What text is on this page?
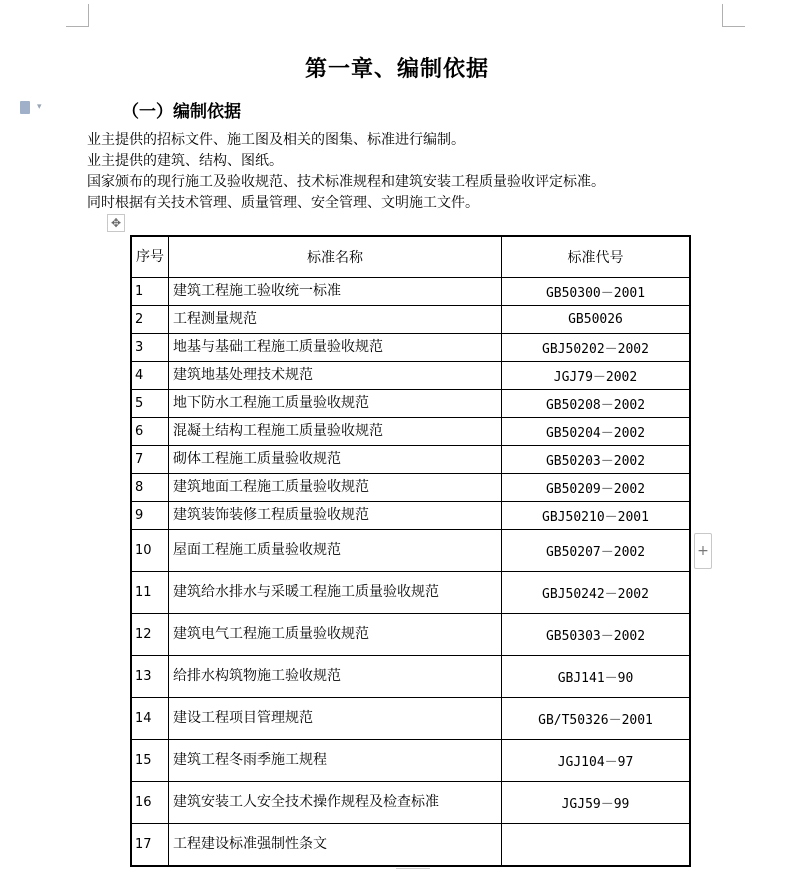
第一章、编制依据
▾	（一）编制依据
业主提供的招标文件、施工图及相关的图集、标准进行编制。
业主提供的建筑、结构、图纸。
国家颁布的现行施工及验收规范、技术标准规程和建筑安装工程质量验收评定标准。
同时根据有关技术管理、质量管理、安全管理、文明施工文件。
✥
序号	标准名称	标准代号
1	建筑工程施工验收统一标准	GB50300－2001
2	工程测量规范	GB50026
3	地基与基础工程施工质量验收规范	GBJ50202－2002
4	建筑地基处理技术规范	JGJ79－2002
5	地下防水工程施工质量验收规范	GB50208－2002
6	混凝土结构工程施工质量验收规范	GB50204－2002
7	砌体工程施工质量验收规范	GB50203－2002
8	建筑地面工程施工质量验收规范	GB50209－2002
9	建筑装饰装修工程质量验收规范	GBJ50210－2001
10	屋面工程施工质量验收规范	GB50207－2002
11	建筑给水排水与采暖工程施工质量验收规范	GBJ50242－2002
12	建筑电气工程施工质量验收规范	GB50303－2002
13	给排水构筑物施工验收规范	GBJ141－90
14	建设工程项目管理规范	GB/T50326－2001
15	建筑工程冬雨季施工规程	JGJ104－97
16	建筑安装工人安全技术操作规程及检查标准	JGJ59－99
17	工程建设标准强制性条文	
+
